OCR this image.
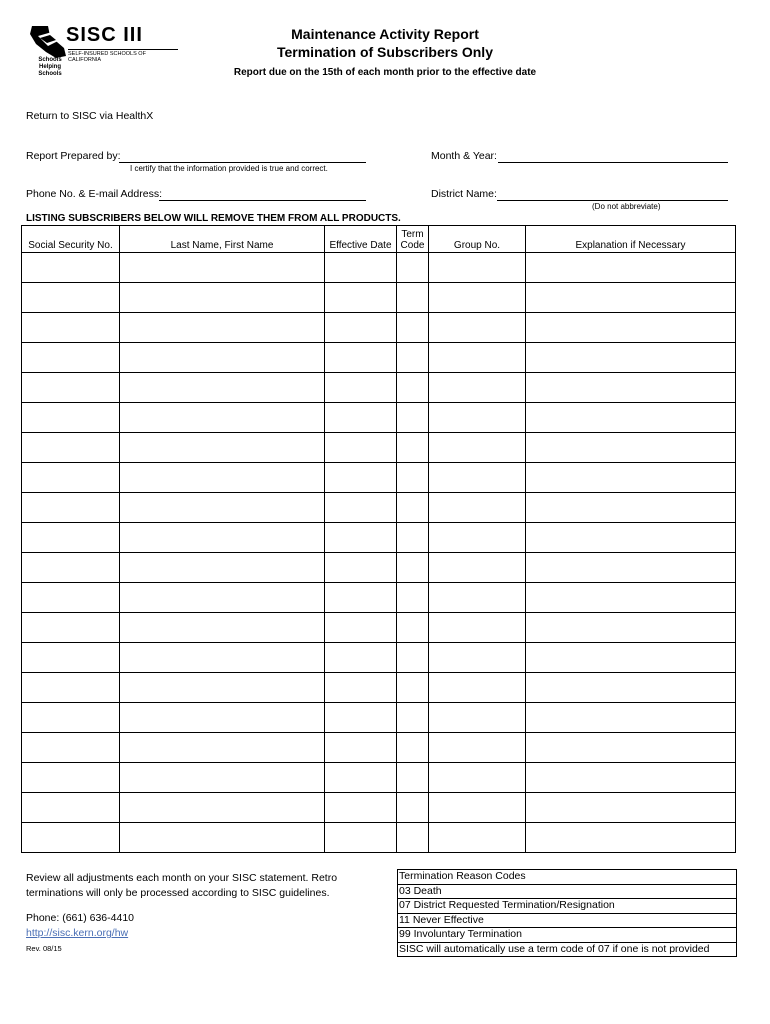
SISC III
SELF-INSURED SCHOOLS OF CALIFORNIA
Schools Helping Schools
Maintenance Activity Report
Termination of Subscribers Only
Report due on the 15th of each month prior to the effective date
Return to SISC via HealthX
Report Prepared by:
I certify that the information provided is true and correct.
Month & Year:
Phone No. & E-mail Address:	District Name:
(Do not abbreviate)
LISTING SUBSCRIBERS BELOW WILL REMOVE THEM FROM ALL PRODUCTS.
Social Security No.	Last Name, First Name	Effective Date	Term Code	Group No.	Explanation if Necessary

Review all adjustments each month on your SISC statement. Retro
terminations will only be processed according to SISC guidelines.
Phone: (661) 636-4410
http://sisc.kern.org/hw
Rev. 08/15
Termination Reason Codes
03 Death
07 District Requested Termination/Resignation
11 Never Effective
99 Involuntary Termination
SISC will automatically use a term code of 07 if one is not provided
